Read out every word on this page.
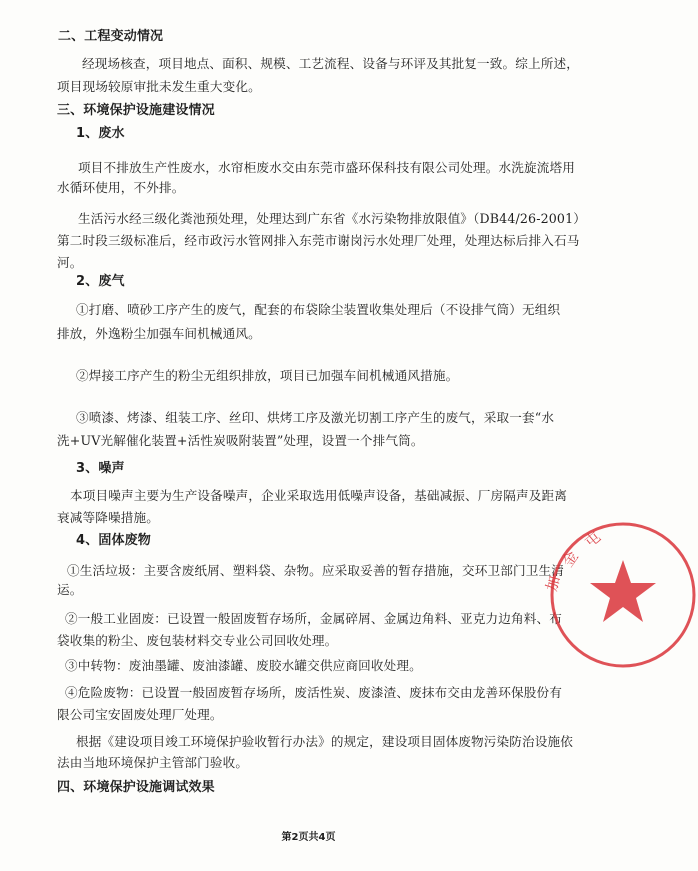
二、工程变动情况
经现场核查，项目地点、面积、规模、工艺流程、设备与环评及其批复一致。综上所述，
项目现场较原审批未发生重大变化。
三、环境保护设施建设情况
1、废水
项目不排放生产性废水，水帘柜废水交由东莞市盛环保科技有限公司处理。水洗旋流塔用
水循环使用，不外排。
生活污水经三级化粪池预处理，处理达到广东省《水污染物排放限值》（DB44/26-2001）
第二时段三级标准后，经市政污水管网排入东莞市谢岗污水处理厂处理，处理达标后排入石马
河。
2、废气
①打磨、喷砂工序产生的废气，配套的布袋除尘装置收集处理后（不设排气筒）无组织
排放，外逸粉尘加强车间机械通风。
②焊接工序产生的粉尘无组织排放，项目已加强车间机械通风措施。
③喷漆、烤漆、组装工序、丝印、烘烤工序及激光切割工序产生的废气，采取一套“水
洗+UV光解催化装置+活性炭吸附装置”处理，设置一个排气筒。
3、噪声
本项目噪声主要为生产设备噪声，企业采取选用低噪声设备，基础减振、厂房隔声及距离
衰减等降噪措施。
4、固体废物
①生活垃圾：主要含废纸屑、塑料袋、杂物。应采取妥善的暂存措施，交环卫部门卫生清
运。
②一般工业固废：已设置一般固废暂存场所，金属碎屑、金属边角料、亚克力边角料、布
袋收集的粉尘、废包装材料交专业公司回收处理。
③中转物：废油墨罐、废油漆罐、废胶水罐交供应商回收处理。
④危险废物：已设置一般固废暂存场所，废活性炭、废漆渣、废抹布交由龙善环保股份有
限公司宝安固废处理厂处理。
根据《建设项目竣工环境保护验收暂行办法》的规定，建设项目固体废物污染防治设施依
法由当地环境保护主管部门验收。
四、环境保护设施调试效果
第2页共4页
屯
金
加
